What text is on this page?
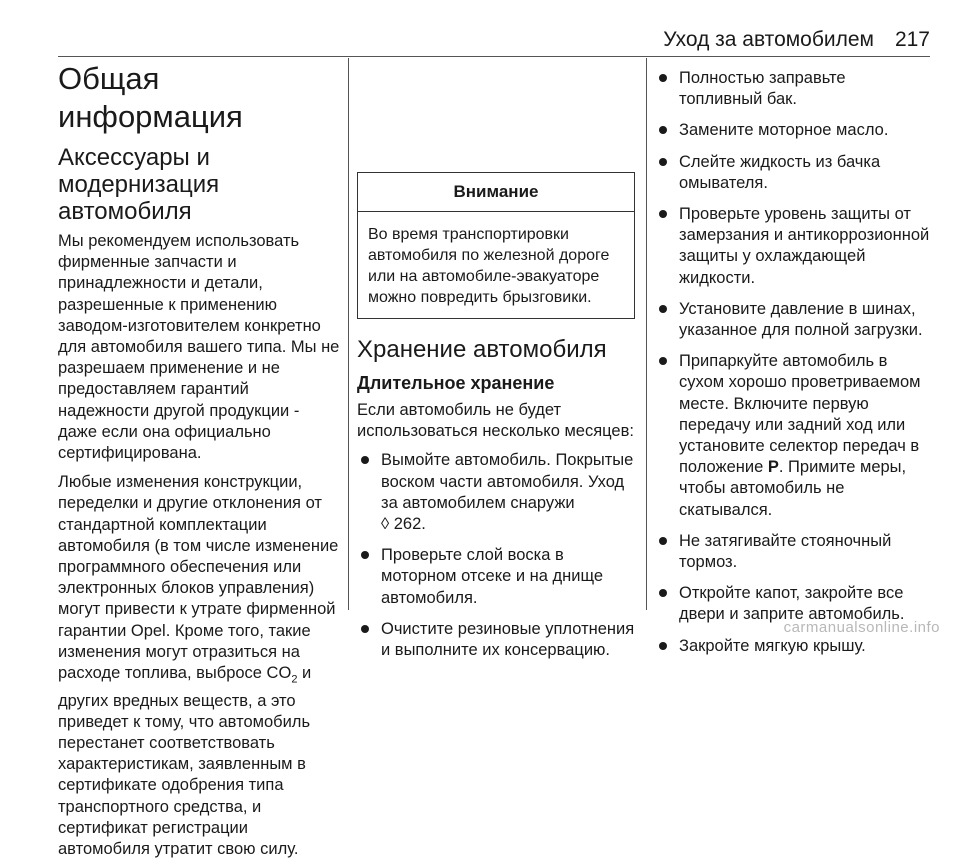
Уход за автомобилем 217
Общая информация
Аксессуары и модернизация автомобиля

Мы рекомендуем использовать фирменные запчасти и принадлежности и детали, разрешенные к применению заводом-изготовителем конкретно для автомобиля вашего типа. Мы не разрешаем применение и не предоставляем гарантий надежности другой продукции - даже если она официально сертифицирована.

Любые изменения конструкции, переделки и другие отклонения от стандартной комплектации автомобиля (в том числе изменение программного обеспечения или электронных блоков управления) могут привести к утрате фирменной гарантии Opel. Кроме того, такие изменения могут отразиться на расходе топлива, выбросе $CO_2$ и других вредных веществ, а это приведет к тому, что автомобиль перестанет соответствовать характеристикам, заявленным в сертификате одобрения типа транспортного средства, и сертификат регистрации автомобиля утратит свою силу.

Внимание
Во время транспортировки автомобиля по железной дороге или на автомобиле-эвакуаторе можно повредить брызговики.
Хранение автомобиля
Длительное хранение

Если автомобиль не будет использоваться несколько месяцев:

Вымойте автомобиль. Покрытые воском части автомобиля. Уход за автомобилем снаружи
◊ 262.
Проверьте слой воска в моторном отсеке и на днище автомобиля.
Очистите резиновые уплотнения и выполните их консервацию.
Полностью заправьте топливный бак.
Замените моторное масло.
Слейте жидкость из бачка омывателя.
Проверьте уровень защиты от замерзания и антикоррозионной защиты у охлаждающей жидкости.
Установите давление в шинах, указанное для полной загрузки.
Припаркуйте автомобиль в сухом хорошо проветриваемом месте. Включите первую передачу или задний ход или установите селектор передач в положение P. Примите меры, чтобы автомобиль не скатывался.
Не затягивайте стояночный тормоз.
Откройте капот, закройте все двери и заприте автомобиль.
Закройте мягкую крышу.
carmanualsonline.info
